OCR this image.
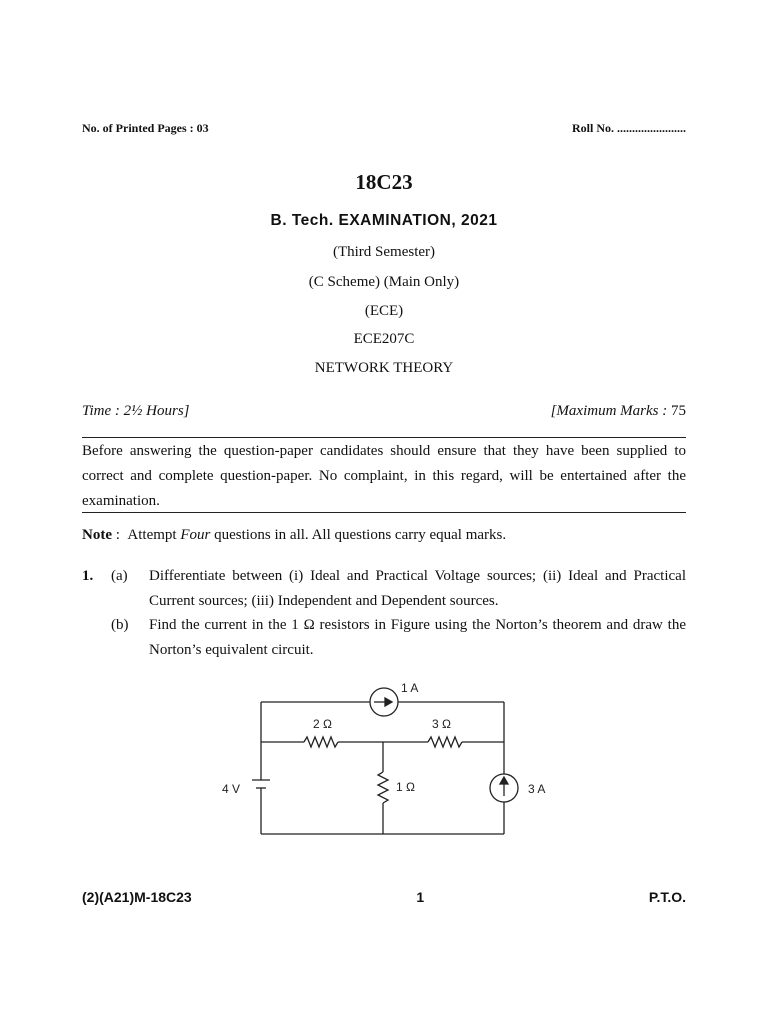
No. of Printed Pages : 03	Roll No. .......................
18C23
B. Tech. EXAMINATION, 2021
(Third Semester)
(C Scheme) (Main Only)
(ECE)
ECE207C
NETWORK THEORY
Time : 2½ Hours]	[Maximum Marks : 75
Before answering the question-paper candidates should ensure that they have been supplied to correct and complete question-paper. No complaint, in this regard, will be entertained after the examination.
Note :  Attempt Four questions in all. All questions carry equal marks.
1. (a) Differentiate between (i) Ideal and Practical Voltage sources; (ii) Ideal and Practical Current sources; (iii) Independent and Dependent sources.
(b) Find the current in the 1 Ω resistors in Figure using the Norton’s theorem and draw the Norton’s equivalent circuit.
1 A
2 Ω	3 Ω
1 Ω
4 V	3 A
(2)(A21)M-18C23	1	P.T.O.
